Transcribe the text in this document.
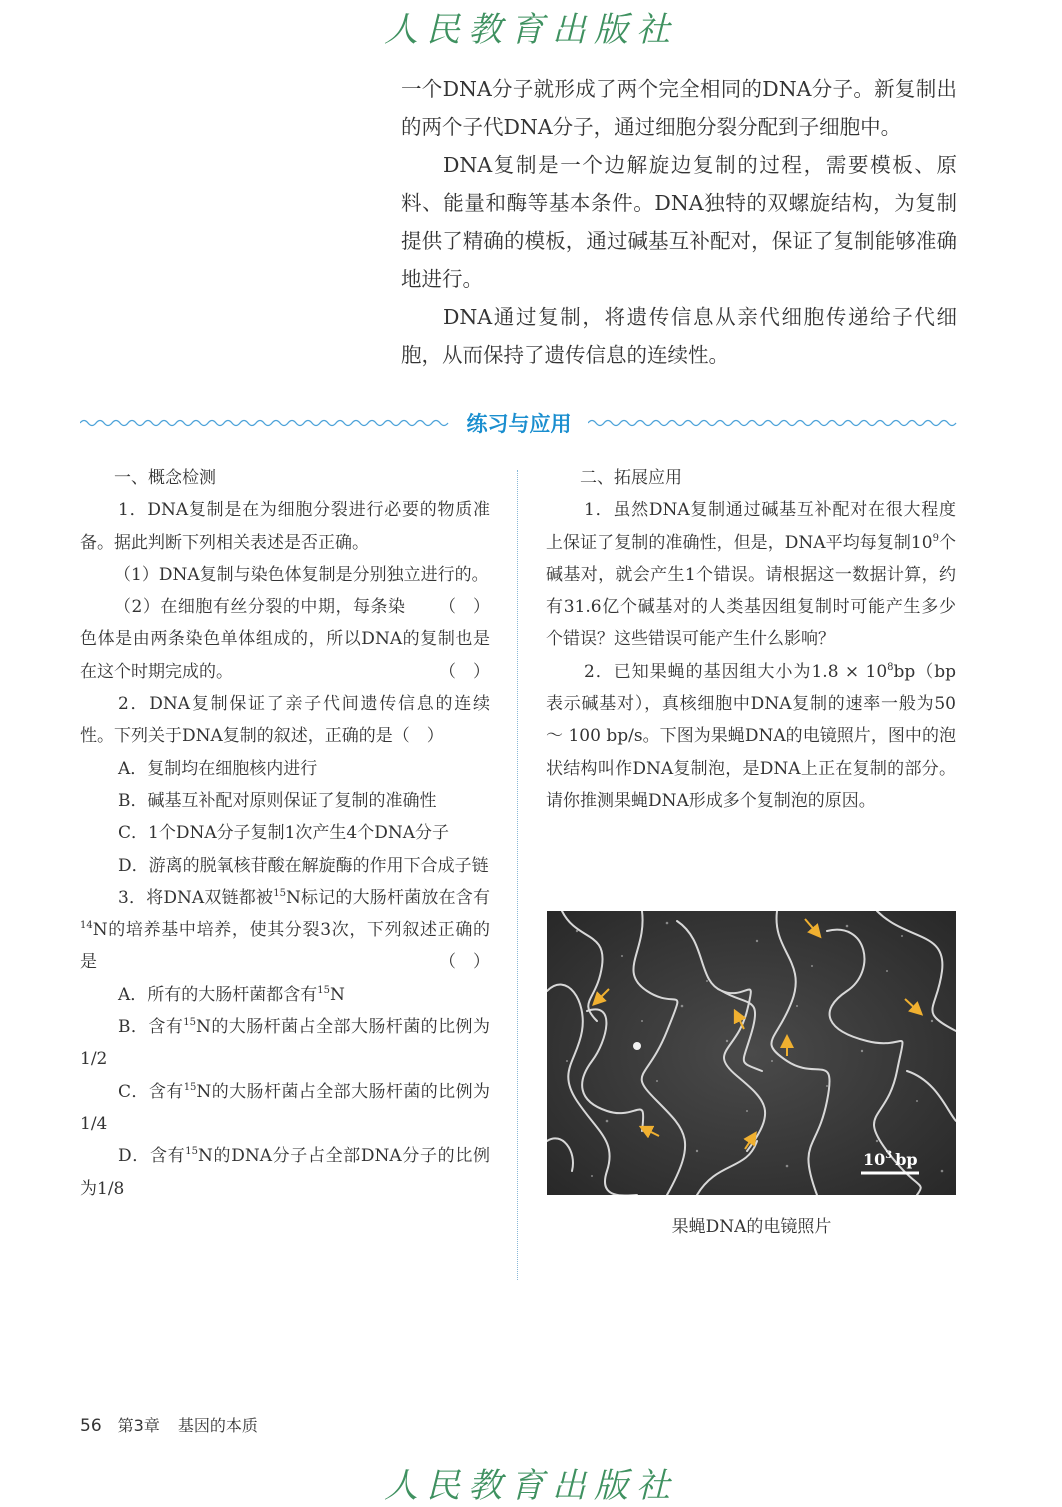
人民教育出版社

一个DNA分子就形成了两个完全相同的DNA分子。新复制出的两个子代DNA分子，通过细胞分裂分配到子细胞中。

DNA复制是一个边解旋边复制的过程，需要模板、原料、能量和酶等基本条件。DNA独特的双螺旋结构，为复制提供了精确的模板，通过碱基互补配对，保证了复制能够准确地进行。

DNA通过复制，将遗传信息从亲代细胞传递给子代细胞，从而保持了遗传信息的连续性。

练习与应用

一、概念检测

1．DNA复制是在为细胞分裂进行必要的物质准备。据此判断下列相关表述是否正确。

（1）DNA复制与染色体复制是分别独立进行的。
（　）

（2）在细胞有丝分裂的中期，每条染色体是由两条染色单体组成的，所以DNA的复制也是在这个时期完成的。	（　）

2．DNA复制保证了亲子代间遗传信息的连续性。下列关于DNA复制的叙述，正确的是（　）

A．复制均在细胞核内进行

B．碱基互补配对原则保证了复制的准确性

C．1个DNA分子复制1次产生4个DNA分子

D．游离的脱氧核苷酸在解旋酶的作用下合成子链

3．将DNA双链都被$^{15}$N标记的大肠杆菌放在含有$^{14}$N的培养基中培养，使其分裂3次，下列叙述正确的是	（　）

A．所有的大肠杆菌都含有$^{15}$N

B．含有$^{15}$N的大肠杆菌占全部大肠杆菌的比例为1/2

C．含有$^{15}$N的大肠杆菌占全部大肠杆菌的比例为1/4

D．含有$^{15}$N的DNA分子占全部DNA分子的比例为1/8

二、拓展应用

1．虽然DNA复制通过碱基互补配对在很大程度上保证了复制的准确性，但是，DNA平均每复制$10^9$个碱基对，就会产生1个错误。请根据这一数据计算，约有31.6亿个碱基对的人类基因组复制时可能产生多少个错误？这些错误可能产生什么影响？

2．已知果蝇的基因组大小为$1.8 \times 10^8bp(bp$表示碱基对），真核细胞中DNA复制的速率一般为50 ～ 100 bp/s。下图为果蝇DNA的电镜照片，图中的泡状结构叫作DNA复制泡，是DNA上正在复制的部分。请你推测果蝇DNA形成多个复制泡的原因。

$10^3$ bp
果蝇DNA的电镜照片
56 第3章 基因的本质
人民教育出版社
